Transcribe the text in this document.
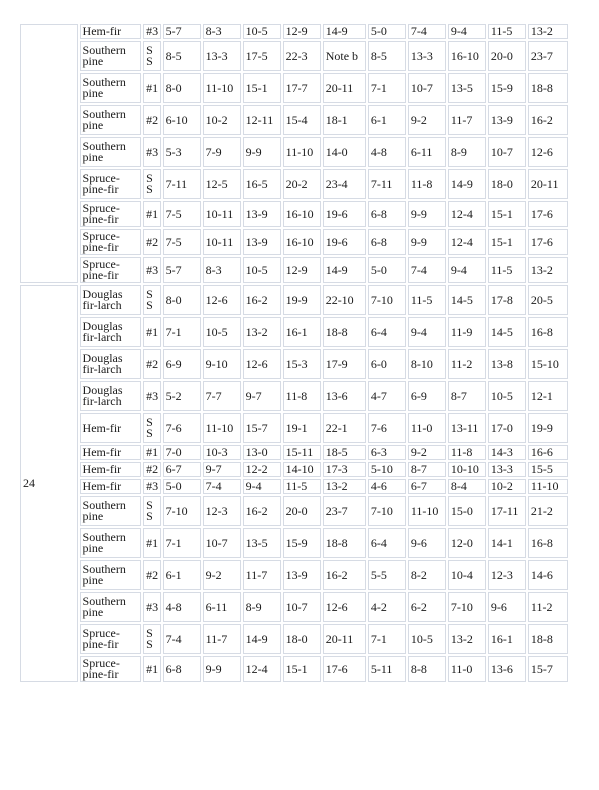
	Hem-fir	#3	5-7	8-3	10-5	12-9	14-9	5-0	7-4	9-4	11-5	13-2
	Southern pine	S S	8-5	13-3	17-5	22-3	Note b	8-5	13-3	16-10	20-0	23-7
	Southern pine	#1	8-0	11-10	15-1	17-7	20-11	7-1	10-7	13-5	15-9	18-8
	Southern pine	#2	6-10	10-2	12-11	15-4	18-1	6-1	9-2	11-7	13-9	16-2
	Southern pine	#3	5-3	7-9	9-9	11-10	14-0	4-8	6-11	8-9	10-7	12-6
	Spruce-pine-fir	S S	7-11	12-5	16-5	20-2	23-4	7-11	11-8	14-9	18-0	20-11
	Spruce-pine-fir	#1	7-5	10-11	13-9	16-10	19-6	6-8	9-9	12-4	15-1	17-6
	Spruce-pine-fir	#2	7-5	10-11	13-9	16-10	19-6	6-8	9-9	12-4	15-1	17-6
	Spruce-pine-fir	#3	5-7	8-3	10-5	12-9	14-9	5-0	7-4	9-4	11-5	13-2
24	Douglas fir-larch	S S	8-0	12-6	16-2	19-9	22-10	7-10	11-5	14-5	17-8	20-5
	Douglas fir-larch	#1	7-1	10-5	13-2	16-1	18-8	6-4	9-4	11-9	14-5	16-8
	Douglas fir-larch	#2	6-9	9-10	12-6	15-3	17-9	6-0	8-10	11-2	13-8	15-10
	Douglas fir-larch	#3	5-2	7-7	9-7	11-8	13-6	4-7	6-9	8-7	10-5	12-1
	Hem-fir	S S	7-6	11-10	15-7	19-1	22-1	7-6	11-0	13-11	17-0	19-9
	Hem-fir	#1	7-0	10-3	13-0	15-11	18-5	6-3	9-2	11-8	14-3	16-6
	Hem-fir	#2	6-7	9-7	12-2	14-10	17-3	5-10	8-7	10-10	13-3	15-5
	Hem-fir	#3	5-0	7-4	9-4	11-5	13-2	4-6	6-7	8-4	10-2	11-10
	Southern pine	S S	7-10	12-3	16-2	20-0	23-7	7-10	11-10	15-0	17-11	21-2
	Southern pine	#1	7-1	10-7	13-5	15-9	18-8	6-4	9-6	12-0	14-1	16-8
	Southern pine	#2	6-1	9-2	11-7	13-9	16-2	5-5	8-2	10-4	12-3	14-6
	Southern pine	#3	4-8	6-11	8-9	10-7	12-6	4-2	6-2	7-10	9-6	11-2
	Spruce-pine-fir	S S	7-4	11-7	14-9	18-0	20-11	7-1	10-5	13-2	16-1	18-8
	Spruce-pine-fir	#1	6-8	9-9	12-4	15-1	17-6	5-11	8-8	11-0	13-6	15-7
